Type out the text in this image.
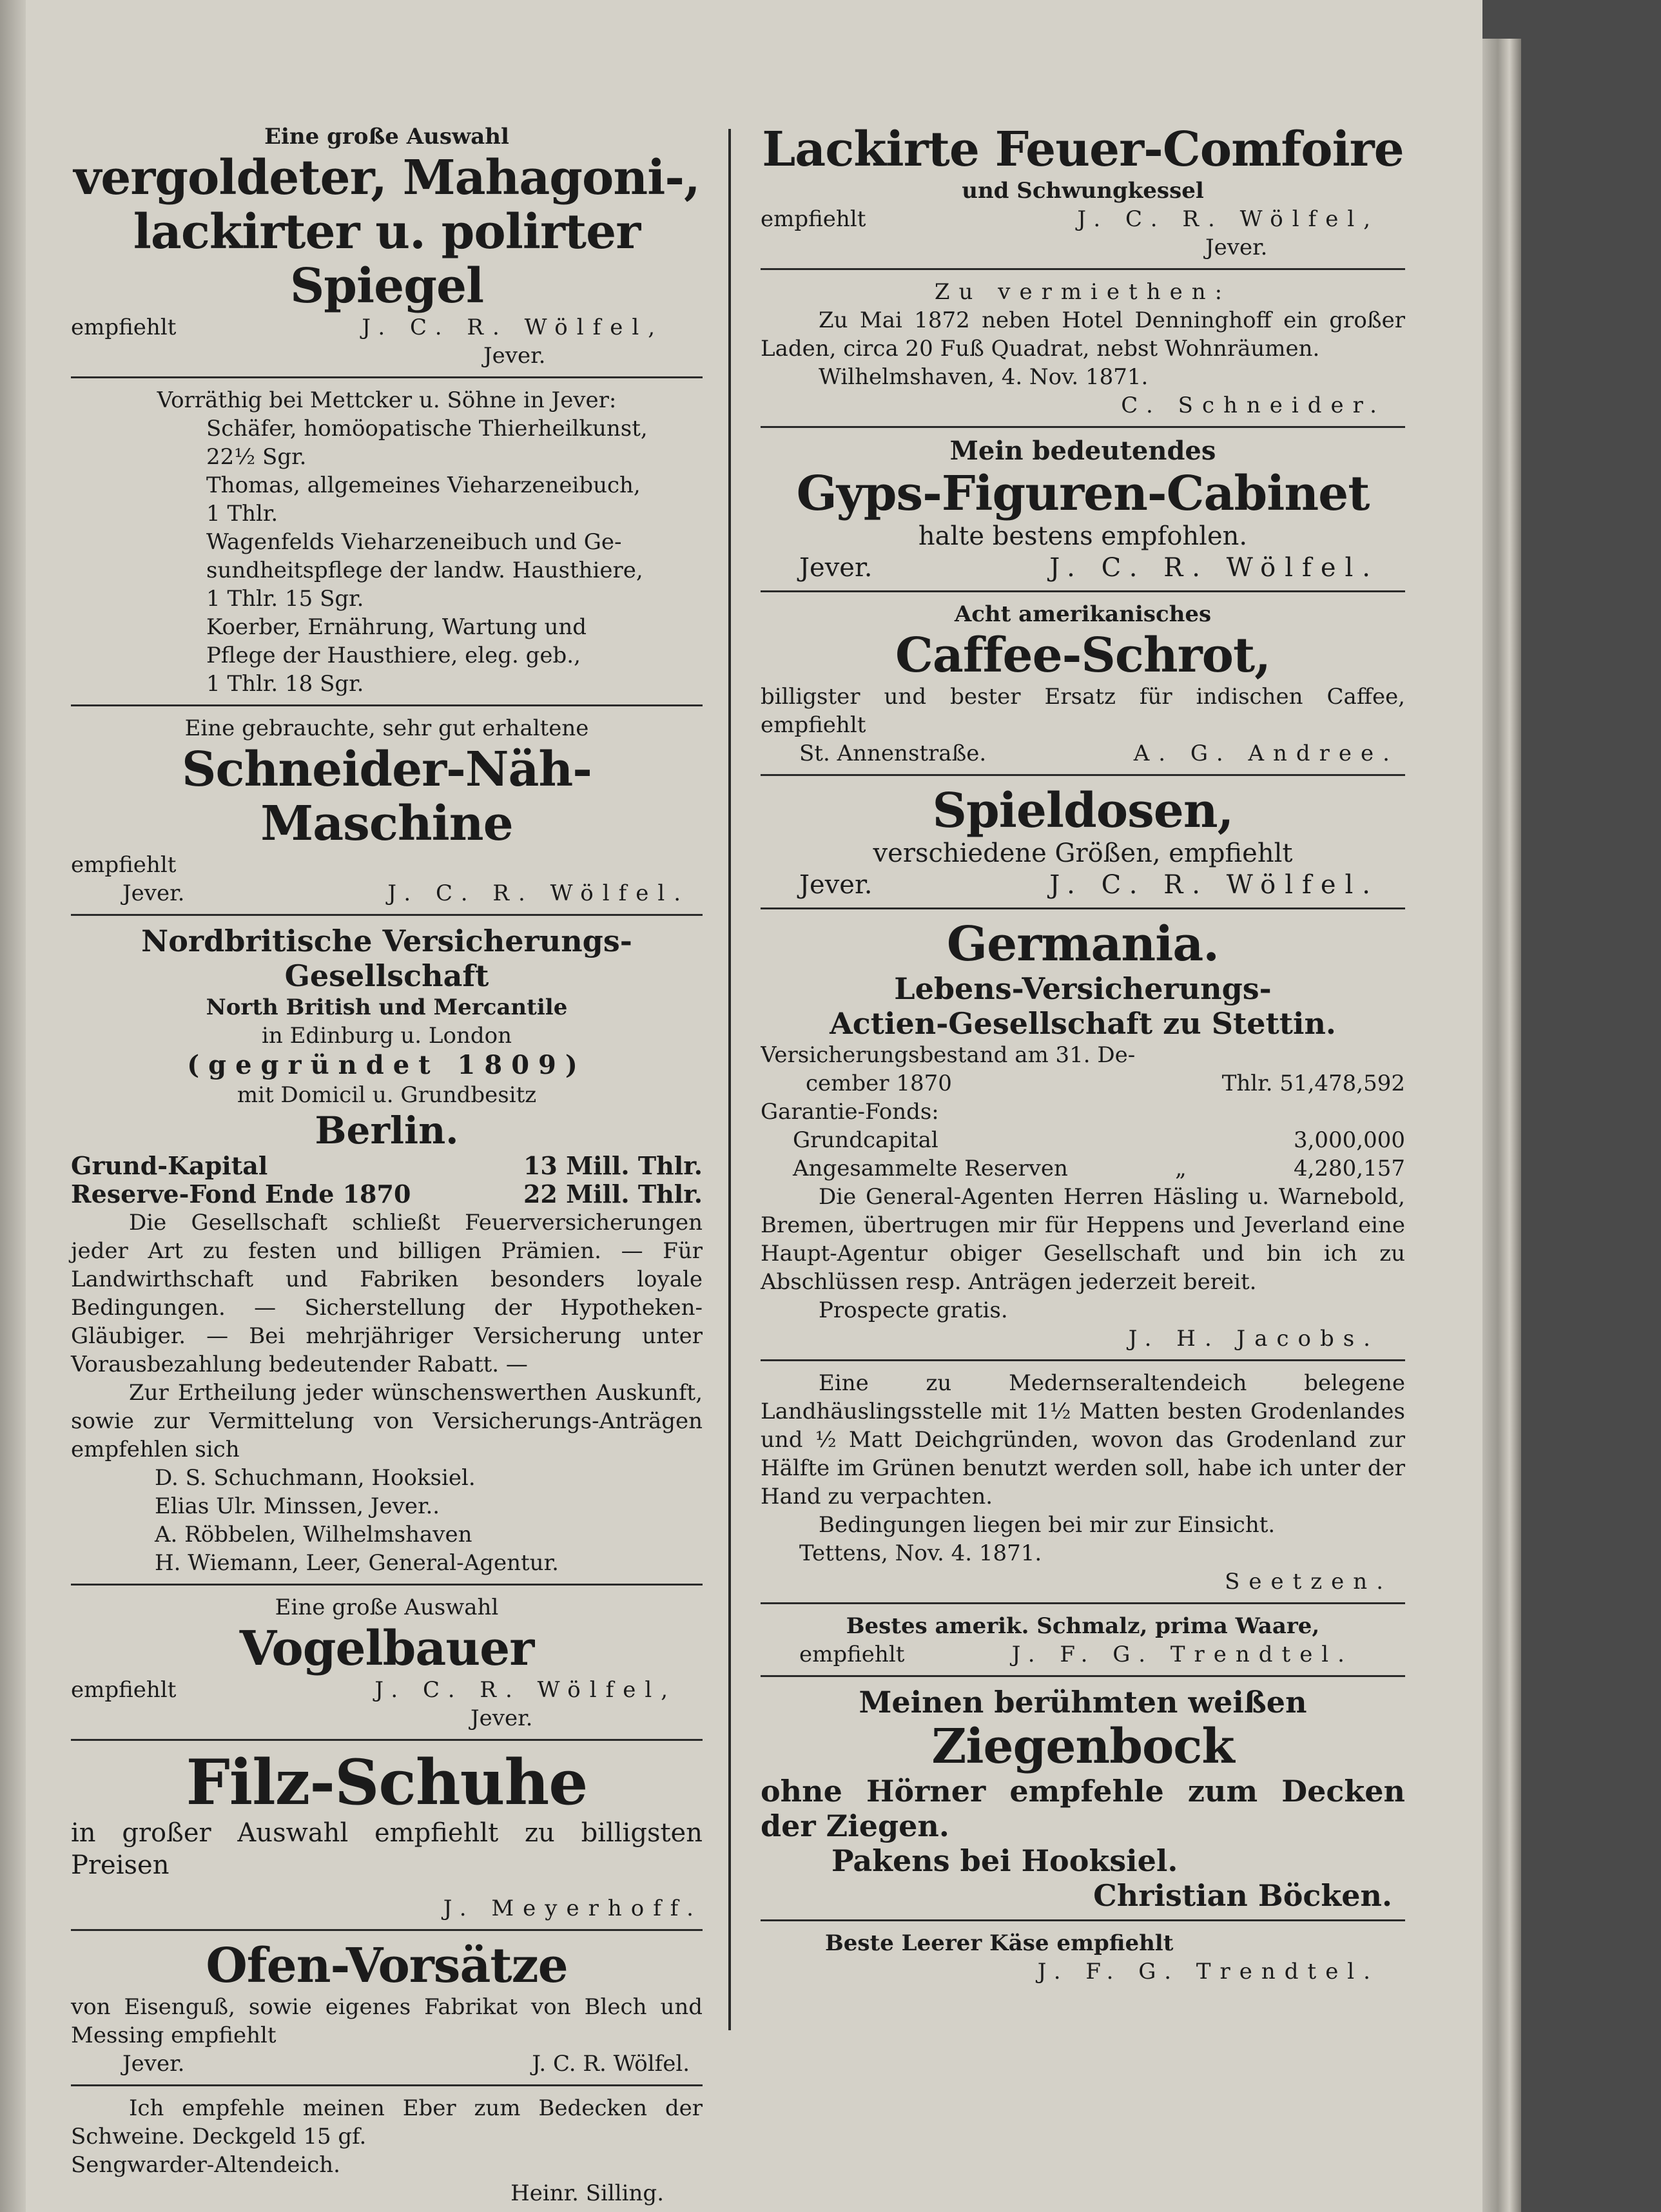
Eine große Auswahl
vergoldeter, Mahagoni-,
lackirter u. polirter Spiegel
empfiehlt	J. C. R. Wölfel,
Jever.
Vorräthig bei Mettcker u. Söhne in Jever:
Schäfer, homöopatische Thierheilkunst,
22½ Sgr.
Thomas, allgemeines Vieharzeneibuch,
1 Thlr.
Wagenfelds Vieharzeneibuch und Ge-
sundheitspflege der landw. Hausthiere,
1 Thlr. 15 Sgr.
Koerber, Ernährung, Wartung und
Pflege der Hausthiere, eleg. geb.,
1 Thlr. 18 Sgr.
Eine gebrauchte, sehr gut erhaltene
Schneider-Näh-Maschine
empfiehlt
Jever.	J. C. R. Wölfel.
Nordbritische Versicherungs-Gesellschaft
North British und Mercantile
in Edinburg u. London
(gegründet 1809)
mit Domicil u. Grundbesitz
Berlin.
Grund-Kapital	13 Mill. Thlr.
Reserve-Fond Ende 1870	22 Mill. Thlr.
Die Gesellschaft schließt Feuerversicherungen jeder Art zu festen und billigen Prämien. — Für Landwirthschaft und Fabriken besonders loyale Bedingungen. — Sicherstellung der Hypotheken-Gläubiger. — Bei mehrjähriger Versicherung unter Vorausbezahlung bedeutender Rabatt. —
Zur Ertheilung jeder wünschenswerthen Auskunft, sowie zur Vermittelung von Versicherungs-Anträgen empfehlen sich
D. S. Schuchmann, Hooksiel.
Elias Ulr. Minssen, Jever..
A. Röbbelen, Wilhelmshaven
H. Wiemann, Leer, General-Agentur.
Eine große Auswahl
Vogelbauer
empfiehlt	J. C. R. Wölfel,
Jever.
Filz-Schuhe
in großer Auswahl empfiehlt zu billigsten Preisen
J. Meyerhoff.
Ofen-Vorsätze
von Eisenguß, sowie eigenes Fabrikat von Blech und Messing empfiehlt
Jever.	J. C. R. Wölfel.
Ich empfehle meinen Eber zum Bedecken der Schweine. Deckgeld 15 gf.
Sengwarder-Altendeich.
Heinr. Silling.
Lackirte Feuer-Comfoire
und Schwungkessel
empfiehlt	J. C. R. Wölfel,
Jever.
Zu vermiethen:
Zu Mai 1872 neben Hotel Denninghoff ein großer Laden, circa 20 Fuß Quadrat, nebst Wohnräumen.
Wilhelmshaven, 4. Nov. 1871.
C. Schneider.
Mein bedeutendes
Gyps-Figuren-Cabinet
halte bestens empfohlen.
Jever.	J. C. R. Wölfel.
Acht amerikanisches
Caffee-Schrot,
billigster und bester Ersatz für indischen Caffee, empfiehlt
St. Annenstraße.	A. G. Andree.
Spieldosen,
verschiedene Größen, empfiehlt
Jever.	J. C. R. Wölfel.
Germania.
Lebens-Versicherungs-
Actien-Gesellschaft zu Stettin.
Versicherungsbestand am 31. De-
cember 1870	Thlr. 51,478,592
Garantie-Fonds:
Grundcapital	3,000,000
Angesammelte Reserven	„	4,280,157
Die General-Agenten Herren Häsling u. Warnebold, Bremen, übertrugen mir für Heppens und Jeverland eine Haupt-Agentur obiger Gesellschaft und bin ich zu Abschlüssen resp. Anträgen jederzeit bereit.
Prospecte gratis.
J. H. Jacobs.
Eine zu Medernseraltendeich belegene Landhäuslingsstelle mit 1½ Matten besten Grodenlandes und ½ Matt Deichgründen, wovon das Grodenland zur Hälfte im Grünen benutzt werden soll, habe ich unter der Hand zu verpachten.
Bedingungen liegen bei mir zur Einsicht.
Tettens, Nov. 4. 1871.
Seetzen.
Bestes amerik. Schmalz, prima Waare,
empfiehlt	J. F. G. Trendtel.
Meinen berühmten weißen
Ziegenbock
ohne Hörner empfehle zum Decken
der Ziegen.
Pakens bei Hooksiel.
Christian Böcken.
Beste Leerer Käse empfiehlt
J. F. G. Trendtel.
